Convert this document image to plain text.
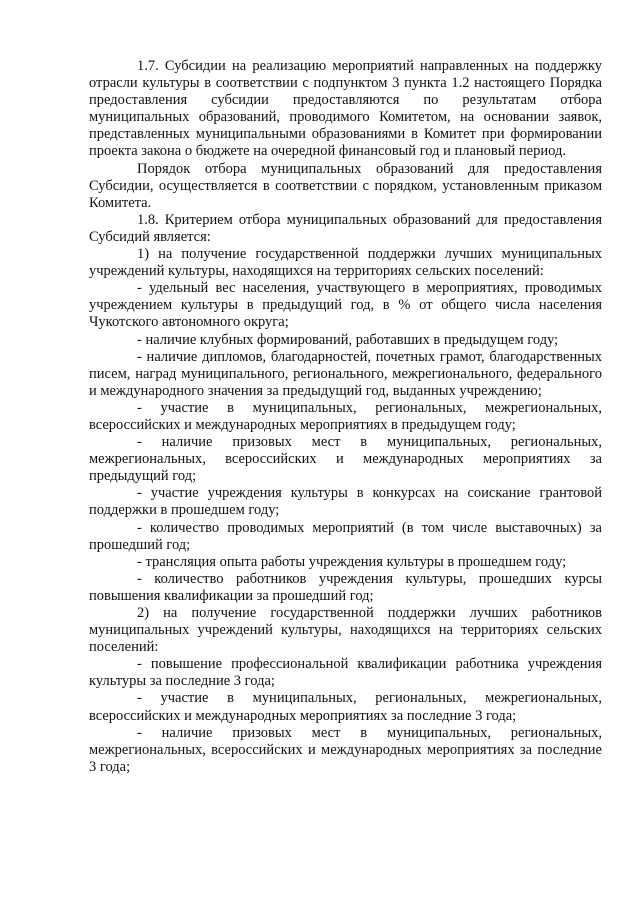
1.7. Субсидии на реализацию мероприятий направленных на поддержку отрасли культуры в соответствии с подпунктом 3 пункта 1.2 настоящего Порядка предоставления субсидии предоставляются по результатам отбора муниципальных образований, проводимого Комитетом, на основании заявок, представленных муниципальными образованиями в Комитет при формировании проекта закона о бюджете на очередной финансовый год и плановый период.

Порядок отбора муниципальных образований для предоставления Субсидии, осуществляется в соответствии с порядком, установленным приказом Комитета.

1.8. Критерием отбора муниципальных образований для предоставления Субсидий является:

1) на получение государственной поддержки лучших муниципальных учреждений культуры, находящихся на территориях сельских поселений:

- удельный вес населения, участвующего в мероприятиях, проводимых учреждением культуры в предыдущий год, в % от общего числа населения Чукотского автономного округа;

- наличие клубных формирований, работавших в предыдущем году;

- наличие дипломов, благодарностей, почетных грамот, благодарственных писем, наград муниципального, регионального, межрегионального, федерального и международного значения за предыдущий год, выданных учреждению;

- участие в муниципальных, региональных, межрегиональных, всероссийских и международных мероприятиях в предыдущем году;

- наличие призовых мест в муниципальных, региональных, межрегиональных, всероссийских и международных мероприятиях за предыдущий год;

- участие учреждения культуры в конкурсах на соискание грантовой поддержки в прошедшем году;

- количество проводимых мероприятий (в том числе выставочных) за прошедший год;

- трансляция опыта работы учреждения культуры в прошедшем году;

- количество работников учреждения культуры, прошедших курсы повышения квалификации за прошедший год;

2) на получение государственной поддержки лучших работников муниципальных учреждений культуры, находящихся на территориях сельских поселений:

- повышение профессиональной квалификации работника учреждения культуры за последние 3 года;

- участие в муниципальных, региональных, межрегиональных, всероссийских и международных мероприятиях за последние 3 года;

- наличие призовых мест в муниципальных, региональных, межрегиональных, всероссийских и международных мероприятиях за последние 3 года;
